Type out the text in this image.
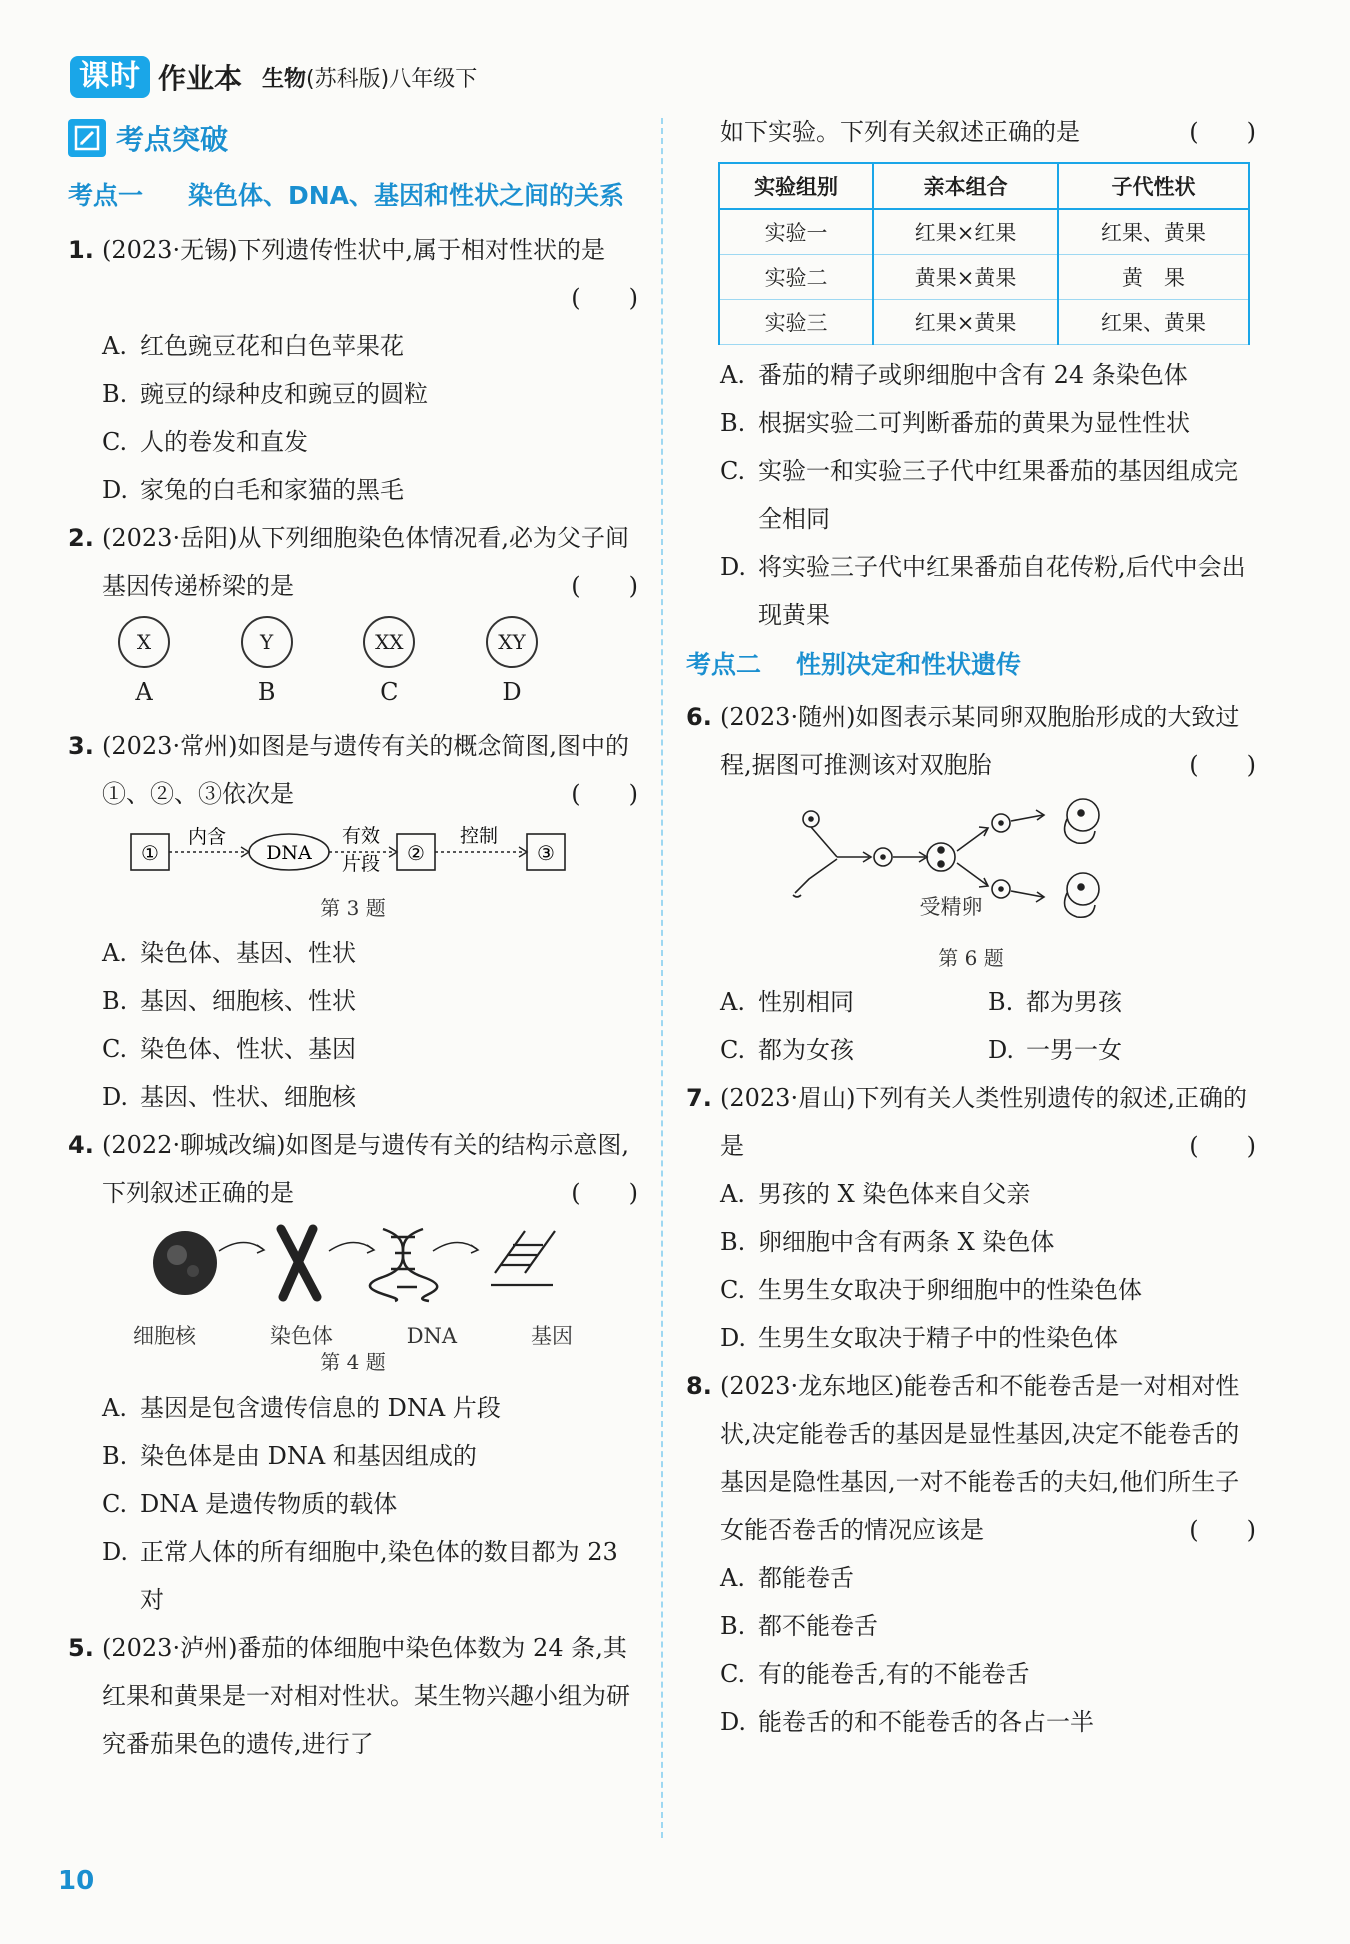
课时 作业本 生物(苏科版)八年级下
考点突破
考点一	染色体、DNA、基因和性状之间的关系
1. (2023·无锡)下列遗传性状中,属于相对性状的是
(　　)
A. 红色豌豆花和白色苹果花
B. 豌豆的绿种皮和豌豆的圆粒
C. 人的卷发和直发
D. 家兔的白毛和家猫的黑毛
2. (2023·岳阳)从下列细胞染色体情况看,必为父子间基因传递桥梁的是	(　　)
X
A
Y
B
XX
C
XY
D
3. (2023·常州)如图是与遗传有关的概念简图,图中的①、②、③依次是	(　　)
①
内含
DNA
有效
片段 ②
控制
③
第 3 题
A. 染色体、基因、性状
B. 基因、细胞核、性状
C. 染色体、性状、基因
D. 基因、性状、细胞核
4. (2022·聊城改编)如图是与遗传有关的结构示意图,下列叙述正确的是	(　　)
细胞核	染色体	DNA	基因
第 4 题
A. 基因是包含遗传信息的 DNA 片段
B. 染色体是由 DNA 和基因组成的
C. DNA 是遗传物质的载体
D. 正常人体的所有细胞中,染色体的数目都为 23 对
5. (2023·泸州)番茄的体细胞中染色体数为 24 条,其红果和黄果是一对相对性状。某生物兴趣小组为研究番茄果色的遗传,进行了
如下实验。下列有关叙述正确的是	(　　)
实验组别	亲本组合	子代性状
实验一	红果×红果	红果、黄果
实验二	黄果×黄果	黄　果
实验三	红果×黄果	红果、黄果
A. 番茄的精子或卵细胞中含有 24 条染色体
B. 根据实验二可判断番茄的黄果为显性性状
C. 实验一和实验三子代中红果番茄的基因组成完全相同
D. 将实验三子代中红果番茄自花传粉,后代中会出现黄果
考点二	性别决定和性状遗传
6. (2023·随州)如图表示某同卵双胞胎形成的大致过程,据图可推测该对双胞胎	(　　)
受精卵
第 6 题
A. 性别相同	B. 都为男孩
C. 都为女孩	D. 一男一女
7. (2023·眉山)下列有关人类性别遗传的叙述,正确的是	(　　)
A. 男孩的 X 染色体来自父亲
B. 卵细胞中含有两条 X 染色体
C. 生男生女取决于卵细胞中的性染色体
D. 生男生女取决于精子中的性染色体
8. (2023·龙东地区)能卷舌和不能卷舌是一对相对性状,决定能卷舌的基因是显性基因,决定不能卷舌的基因是隐性基因,一对不能卷舌的夫妇,他们所生子女能否卷舌的情况应该是	(　　)
A. 都能卷舌
B. 都不能卷舌
C. 有的能卷舌,有的不能卷舌
D. 能卷舌的和不能卷舌的各占一半
10
